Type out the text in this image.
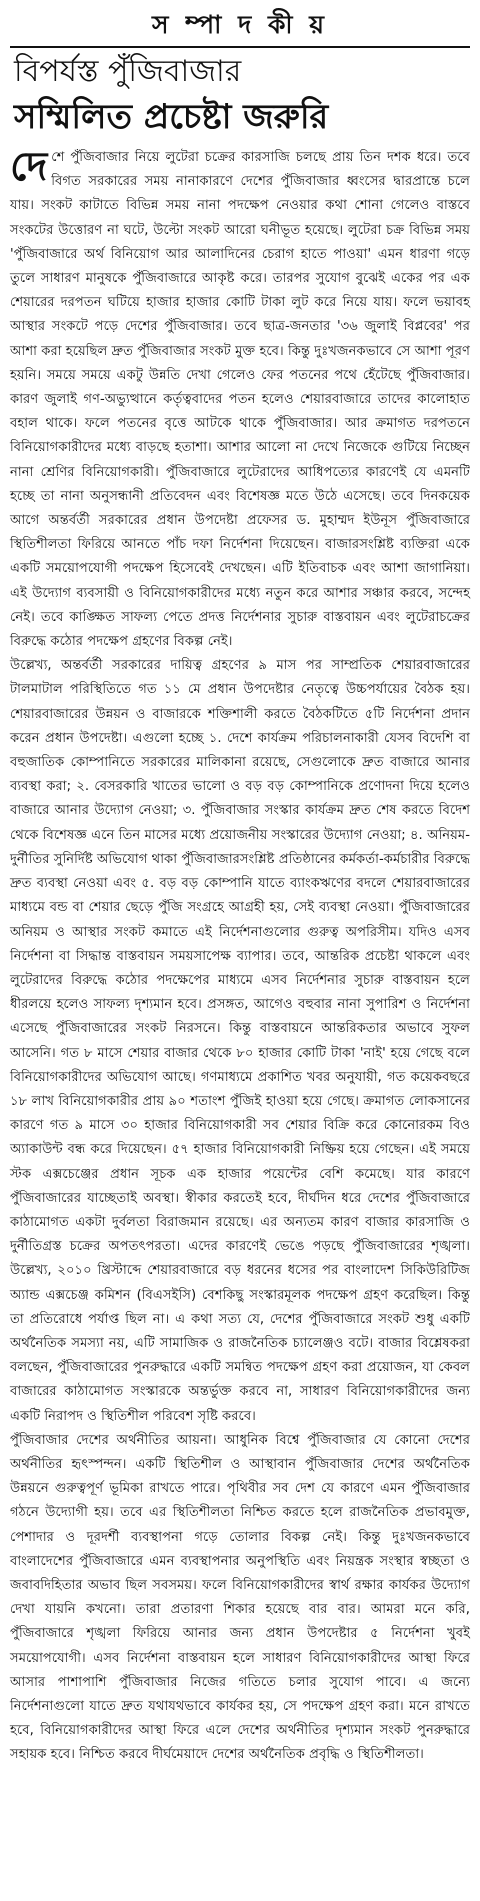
স ম্পা দ কী য়
বিপর্যস্ত পুঁজিবাজার
সম্মিলিত প্রচেষ্টা জরুরি

দেশে পুঁজিবাজার নিয়ে লুটেরা চক্রের কারসাজি চলছে প্রায় তিন দশক ধরে। তবে বিগত সরকারের সময় নানাকারণে দেশের পুঁজিবাজার ধ্বংসের দ্বারপ্রান্তে চলে যায়। সংকট কাটাতে বিভিন্ন সময় নানা পদক্ষেপ নেওয়ার কথা শোনা গেলেও বাস্তবে সংকটের উত্তোরণ না ঘটে, উল্টো সংকট আরো ঘনীভূত হয়েছে। লুটেরা চক্র বিভিন্ন সময় 'পুঁজিবাজারে অর্থ বিনিয়োগ আর আলাদিনের চেরাগ হাতে পাওয়া' এমন ধারণা গড়ে তুলে সাধারণ মানুষকে পুঁজিবাজারে আকৃষ্ট করে। তারপর সুযোগ বুঝেই একের পর এক শেয়ারের দরপতন ঘটিয়ে হাজার হাজার কোটি টাকা লুট করে নিয়ে যায়। ফলে ভয়াবহ আস্থার সংকটে পড়ে দেশের পুঁজিবাজার। তবে ছাত্র-জনতার '৩৬ জুলাই বিপ্লবের' পর আশা করা হয়েছিল দ্রুত পুঁজিবাজার সংকট মুক্ত হবে। কিন্তু দুঃখজনকভাবে সে আশা পূরণ হয়নি। সময়ে সময়ে একটু উন্নতি দেখা গেলেও ফের পতনের পথে হেঁটেছে পুঁজিবাজার। কারণ জুলাই গণ-অভ্যুত্থানে কর্তৃত্ববাদের পতন হলেও শেয়ারবাজারে তাদের কালোহাত বহাল থাকে। ফলে পতনের বৃত্তে আটকে থাকে পুঁজিবাজার। আর ক্রমাগত দরপতনে বিনিয়োগকারীদের মধ্যে বাড়ছে হতাশা। আশার আলো না দেখে নিজেকে গুটিয়ে নিচ্ছেন নানা শ্রেণির বিনিয়োগকারী। পুঁজিবাজারে লুটেরাদের আধিপত্যের কারণেই যে এমনটি হচ্ছে তা নানা অনুসন্ধানী প্রতিবেদন এবং বিশেষজ্ঞ মতে উঠে এসেছে। তবে দিনকয়েক আগে অন্তর্বর্তী সরকারের প্রধান উপদেষ্টা প্রফেসর ড. মুহাম্মদ ইউনূস পুঁজিবাজারে স্থিতিশীলতা ফিরিয়ে আনতে পাঁচ দফা নির্দেশনা দিয়েছেন। বাজারসংশ্লিষ্ট ব্যক্তিরা একে একটি সময়োপযোগী পদক্ষেপ হিসেবেই দেখছেন। এটি ইতিবাচক এবং আশা জাগানিয়া। এই উদ্যোগ ব্যবসায়ী ও বিনিয়োগকারীদের মধ্যে নতুন করে আশার সঞ্চার করবে, সন্দেহ নেই। তবে কাঙ্ক্ষিত সাফল্য পেতে প্রদত্ত নির্দেশনার সুচারু বাস্তবায়ন এবং লুটেরাচক্রের বিরুদ্ধে কঠোর পদক্ষেপ গ্রহণের বিকল্প নেই।

উল্লেখ্য, অন্তর্বর্তী সরকারের দায়িত্ব গ্রহণের ৯ মাস পর সাম্প্রতিক শেয়ারবাজারের টালমাটাল পরিস্থিতিতে গত ১১ মে প্রধান উপদেষ্টার নেতৃত্বে উচ্চপর্যায়ের বৈঠক হয়। শেয়ারবাজারের উন্নয়ন ও বাজারকে শক্তিশালী করতে বৈঠকটিতে ৫টি নির্দেশনা প্রদান করেন প্রধান উপদেষ্টা। এগুলো হচ্ছে ১. দেশে কার্যক্রম পরিচালনাকারী যেসব বিদেশি বা বহুজাতিক কোম্পানিতে সরকারের মালিকানা রয়েছে, সেগুলোকে দ্রুত বাজারে আনার ব্যবস্থা করা; ২. বেসরকারি খাতের ভালো ও বড় বড় কোম্পানিকে প্রণোদনা দিয়ে হলেও বাজারে আনার উদ্যোগ নেওয়া; ৩. পুঁজিবাজার সংস্কার কার্যক্রম দ্রুত শেষ করতে বিদেশ থেকে বিশেষজ্ঞ এনে তিন মাসের মধ্যে প্রয়োজনীয় সংস্কারের উদ্যোগ নেওয়া; ৪. অনিয়ম-দুর্নীতির সুনির্দিষ্ট অভিযোগ থাকা পুঁজিবাজারসংশ্লিষ্ট প্রতিষ্ঠানের কর্মকর্তা-কর্মচারীর বিরুদ্ধে দ্রুত ব্যবস্থা নেওয়া এবং ৫. বড় বড় কোম্পানি যাতে ব্যাংকঋণের বদলে শেয়ারবাজারের মাধ্যমে বন্ড বা শেয়ার ছেড়ে পুঁজি সংগ্রহে আগ্রহী হয়, সেই ব্যবস্থা নেওয়া। পুঁজিবাজারের অনিয়ম ও আস্থার সংকট কমাতে এই নির্দেশনাগুলোর গুরুত্ব অপরিসীম। যদিও এসব নির্দেশনা বা সিদ্ধান্ত বাস্তবায়ন সময়সাপেক্ষ ব্যাপার। তবে, আন্তরিক প্রচেষ্টা থাকলে এবং লুটেরাদের বিরুদ্ধে কঠোর পদক্ষেপের মাধ্যমে এসব নির্দেশনার সুচারু বাস্তবায়ন হলে ধীরলয়ে হলেও সাফল্য দৃশ্যমান হবে। প্রসঙ্গত, আগেও বহুবার নানা সুপারিশ ও নির্দেশনা এসেছে পুঁজিবাজারের সংকট নিরসনে। কিন্তু বাস্তবায়নে আন্তরিকতার অভাবে সুফল আসেনি। গত ৮ মাসে শেয়ার বাজার থেকে ৮০ হাজার কোটি টাকা 'নাই' হয়ে গেছে বলে বিনিয়োগকারীদের অভিযোগ আছে। গণমাধ্যমে প্রকাশিত খবর অনুযায়ী, গত কয়েকবছরে ১৮ লাখ বিনিয়োগকারীর প্রায় ৯০ শতাংশ পুঁজিই হাওয়া হয়ে গেছে। ক্রমাগত লোকসানের কারণে গত ৯ মাসে ৩০ হাজার বিনিয়োগকারী সব শেয়ার বিক্রি করে কোনোরকম বিও অ্যাকাউন্ট বন্ধ করে দিয়েছেন। ৫৭ হাজার বিনিয়োগকারী নিষ্ক্রিয় হয়ে গেছেন। এই সময়ে স্টক এক্সচেঞ্জের প্রধান সূচক এক হাজার পয়েন্টের বেশি কমেছে। যার কারণে পুঁজিবাজারের যাচ্ছেতাই অবস্থা। স্বীকার করতেই হবে, দীর্ঘদিন ধরে দেশের পুঁজিবাজারে কাঠামোগত একটা দুর্বলতা বিরাজমান রয়েছে। এর অন্যতম কারণ বাজার কারসাজি ও দুর্নীতিগ্রস্ত চক্রের অপতৎপরতা। এদের কারণেই ভেঙে পড়ছে পুঁজিবাজারের শৃঙ্খলা। উল্লেখ্য, ২০১০ খ্রিস্টাব্দে শেয়ারবাজারে বড় ধরনের ধসের পর বাংলাদেশ সিকিউরিটিজ অ্যান্ড এক্সচেঞ্জ কমিশন (বিএসইসি) বেশকিছু সংস্কারমূলক পদক্ষেপ গ্রহণ করেছিল। কিন্তু তা প্রতিরোধে পর্যাপ্ত ছিল না। এ কথা সত্য যে, দেশের পুঁজিবাজারে সংকট শুধু একটি অর্থনৈতিক সমস্যা নয়, এটি সামাজিক ও রাজনৈতিক চ্যালেঞ্জও বটে। বাজার বিশ্লেষকরা বলছেন, পুঁজিবাজারের পুনরুদ্ধারে একটি সমন্বিত পদক্ষেপ গ্রহণ করা প্রয়োজন, যা কেবল বাজারের কাঠামোগত সংস্কারকে অন্তর্ভুক্ত করবে না, সাধারণ বিনিয়োগকারীদের জন্য একটি নিরাপদ ও স্থিতিশীল পরিবেশ সৃষ্টি করবে।

পুঁজিবাজার দেশের অর্থনীতির আয়না। আধুনিক বিশ্বে পুঁজিবাজার যে কোনো দেশের অর্থনীতির হৃৎস্পন্দন। একটি স্থিতিশীল ও আস্থাবান পুঁজিবাজার দেশের অর্থনৈতিক উন্নয়নে গুরুত্বপূর্ণ ভূমিকা রাখতে পারে। পৃথিবীর সব দেশ যে কারণে এমন পুঁজিবাজার গঠনে উদ্যোগী হয়। তবে এর স্থিতিশীলতা নিশ্চিত করতে হলে রাজনৈতিক প্রভাবমুক্ত, পেশাদার ও দূরদর্শী ব্যবস্থাপনা গড়ে তোলার বিকল্প নেই। কিন্তু দুঃখজনকভাবে বাংলাদেশের পুঁজিবাজারে এমন ব্যবস্থাপনার অনুপস্থিতি এবং নিয়ন্ত্রক সংস্থার স্বচ্ছতা ও জবাবদিহিতার অভাব ছিল সবসময়। ফলে বিনিয়োগকারীদের স্বার্থ রক্ষার কার্যকর উদ্যোগ দেখা যায়নি কখনো। তারা প্রতারণা শিকার হয়েছে বার বার। আমরা মনে করি, পুঁজিবাজারে শৃঙ্খলা ফিরিয়ে আনার জন্য প্রধান উপদেষ্টার ৫ নির্দেশনা খুবই সময়োপযোগী। এসব নির্দেশনা বাস্তবায়ন হলে সাধারণ বিনিয়োগকারীদের আস্থা ফিরে আসার পাশাপাশি পুঁজিবাজার নিজের গতিতে চলার সুযোগ পাবে। এ জন্যে নির্দেশনাগুলো যাতে দ্রুত যথাযথভাবে কার্যকর হয়, সে পদক্ষেপ গ্রহণ করা। মনে রাখতে হবে, বিনিয়োগকারীদের আস্থা ফিরে এলে দেশের অর্থনীতির দৃশ্যমান সংকট পুনরুদ্ধারে সহায়ক হবে। নিশ্চিত করবে দীর্ঘমেয়াদে দেশের অর্থনৈতিক প্রবৃদ্ধি ও স্থিতিশীলতা।
